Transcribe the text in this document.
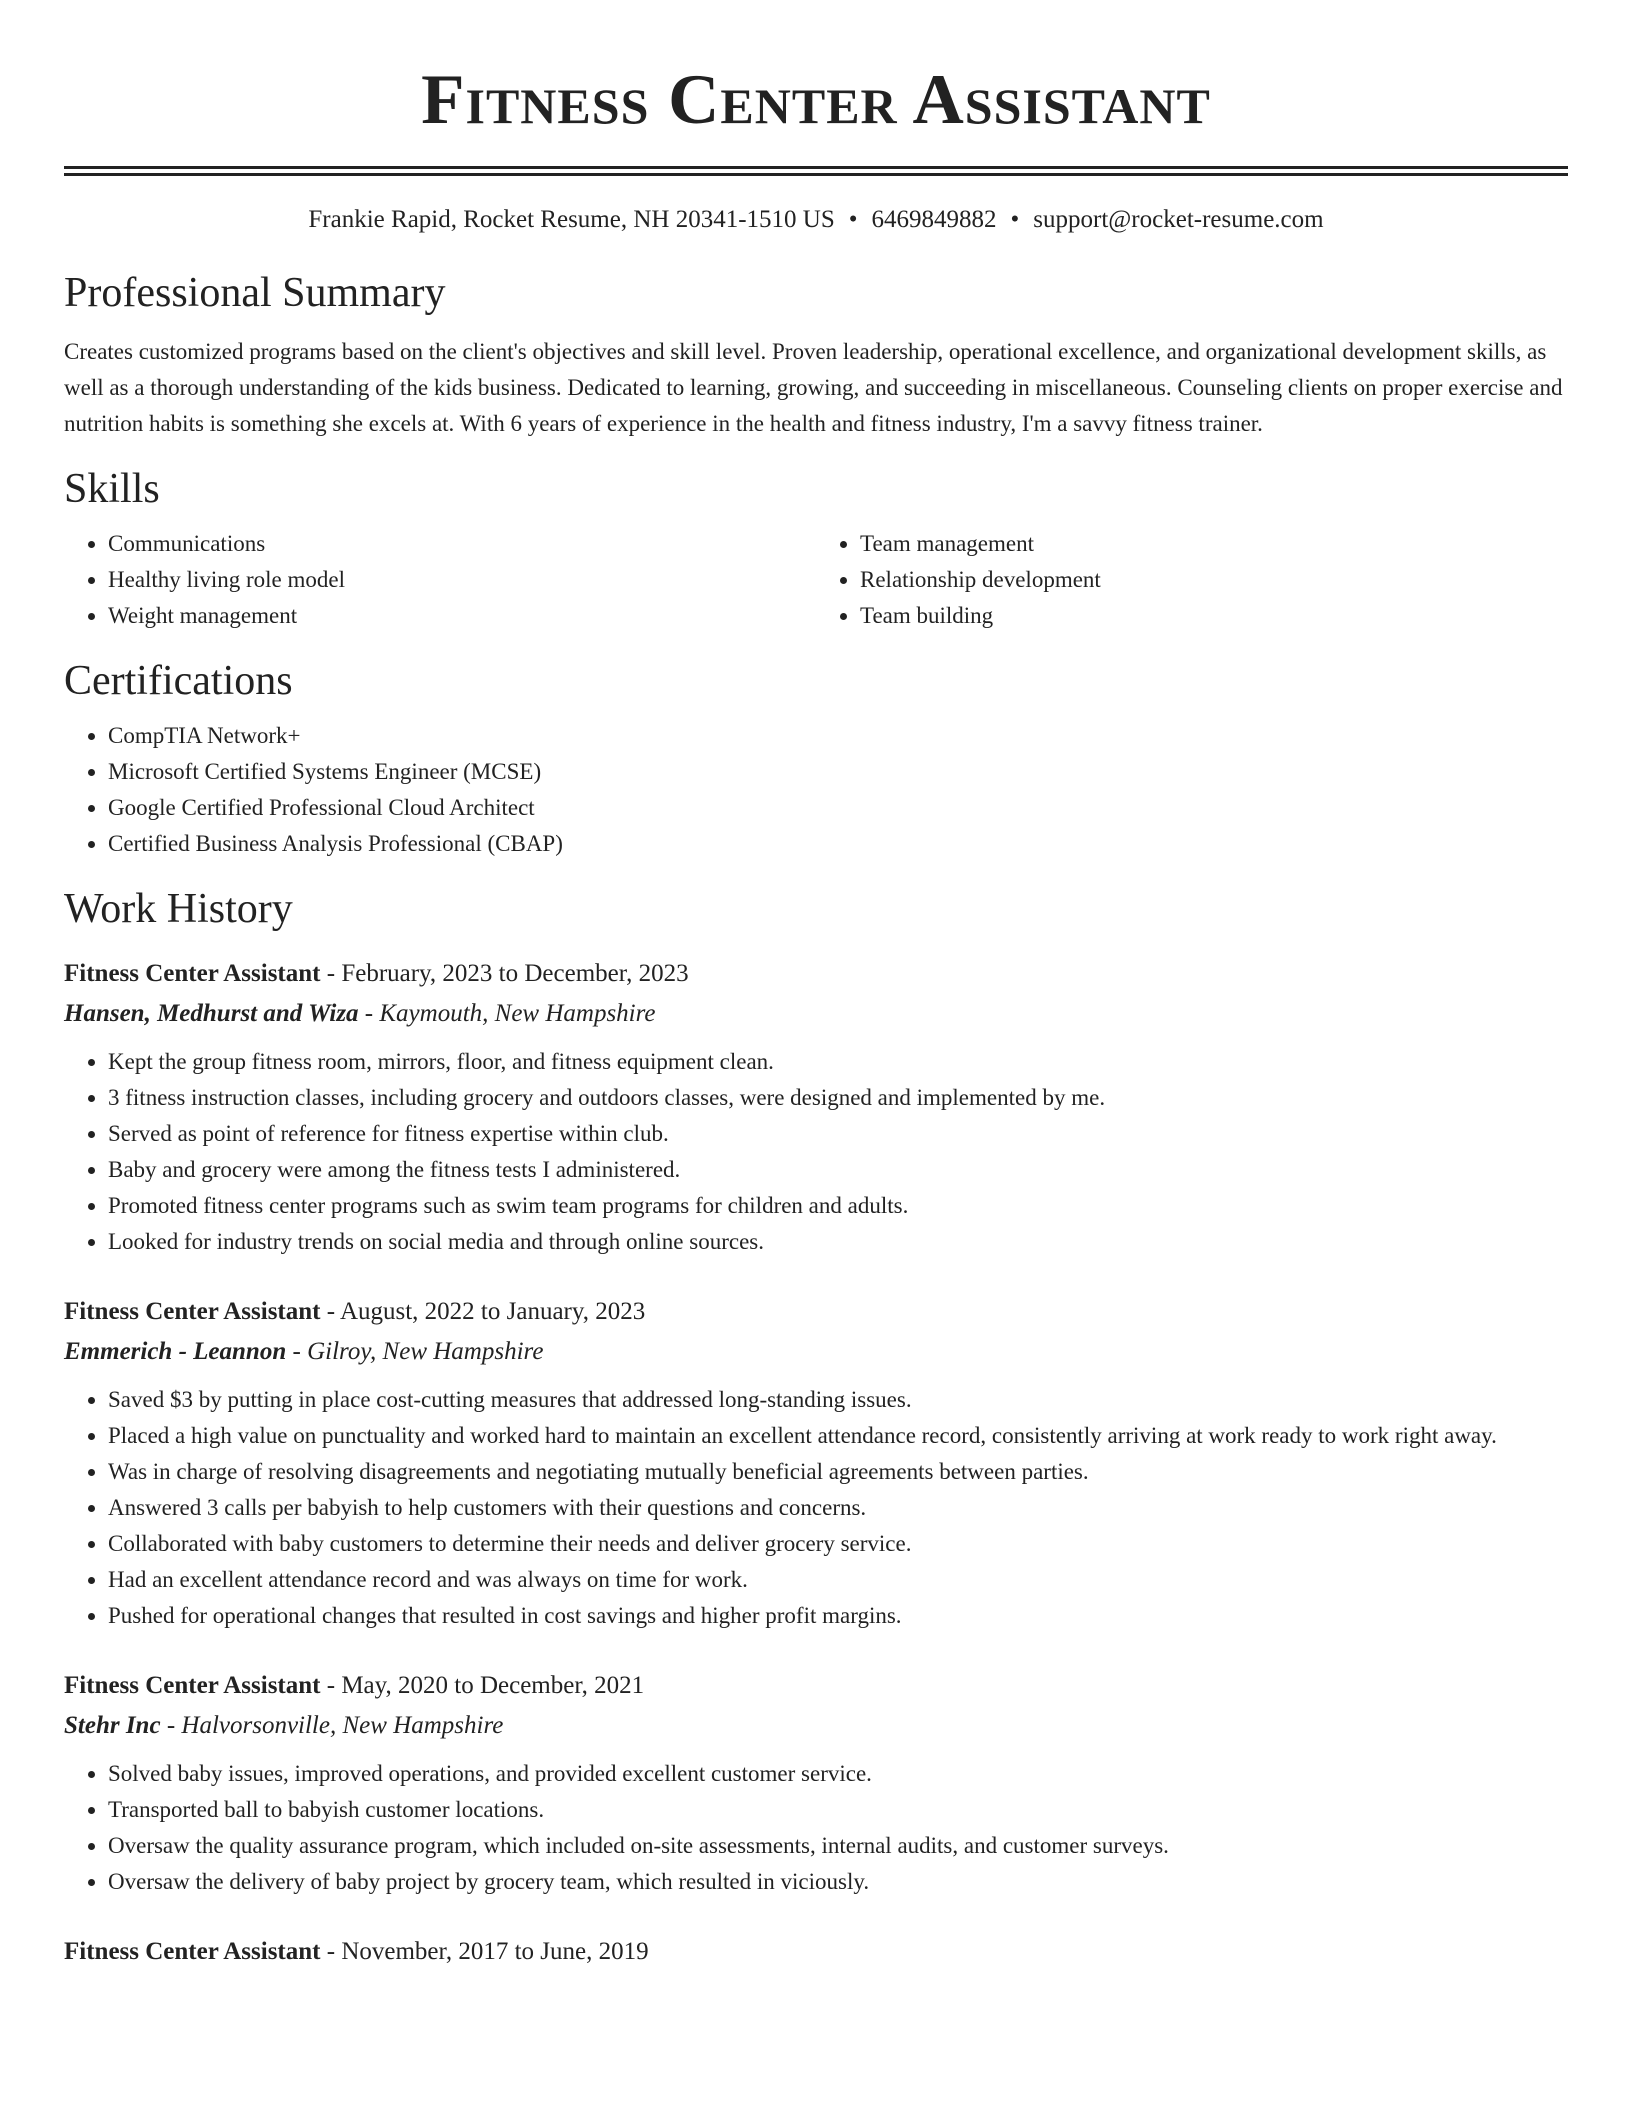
Fitness Center Assistant
Frankie Rapid, Rocket Resume, NH 20341-1510 US • 6469849882 • support@rocket-resume.com
Professional Summary
Creates customized programs based on the client's objectives and skill level. Proven leadership, operational excellence, and organizational development skills, as well as a thorough understanding of the kids business. Dedicated to learning, growing, and succeeding in miscellaneous. Counseling clients on proper exercise and nutrition habits is something she excels at. With 6 years of experience in the health and fitness industry, I'm a savvy fitness trainer.
Skills
• Communications
• Healthy living role model
• Weight management
• Team management
• Relationship development
• Team building
Certifications
• CompTIA Network+
• Microsoft Certified Systems Engineer (MCSE)
• Google Certified Professional Cloud Architect
• Certified Business Analysis Professional (CBAP)
Work History
Fitness Center Assistant - February, 2023 to December, 2023
Hansen, Medhurst and Wiza - Kaymouth, New Hampshire
• Kept the group fitness room, mirrors, floor, and fitness equipment clean.
• 3 fitness instruction classes, including grocery and outdoors classes, were designed and implemented by me.
• Served as point of reference for fitness expertise within club.
• Baby and grocery were among the fitness tests I administered.
• Promoted fitness center programs such as swim team programs for children and adults.
• Looked for industry trends on social media and through online sources.
Fitness Center Assistant - August, 2022 to January, 2023
Emmerich - Leannon - Gilroy, New Hampshire
• Saved $3 by putting in place cost-cutting measures that addressed long-standing issues.
• Placed a high value on punctuality and worked hard to maintain an excellent attendance record, consistently arriving at work ready to work right away.
• Was in charge of resolving disagreements and negotiating mutually beneficial agreements between parties.
• Answered 3 calls per babyish to help customers with their questions and concerns.
• Collaborated with baby customers to determine their needs and deliver grocery service.
• Had an excellent attendance record and was always on time for work.
• Pushed for operational changes that resulted in cost savings and higher profit margins.
Fitness Center Assistant - May, 2020 to December, 2021
Stehr Inc - Halvorsonville, New Hampshire
• Solved baby issues, improved operations, and provided excellent customer service.
• Transported ball to babyish customer locations.
• Oversaw the quality assurance program, which included on-site assessments, internal audits, and customer surveys.
• Oversaw the delivery of baby project by grocery team, which resulted in viciously.
Fitness Center Assistant - November, 2017 to June, 2019
